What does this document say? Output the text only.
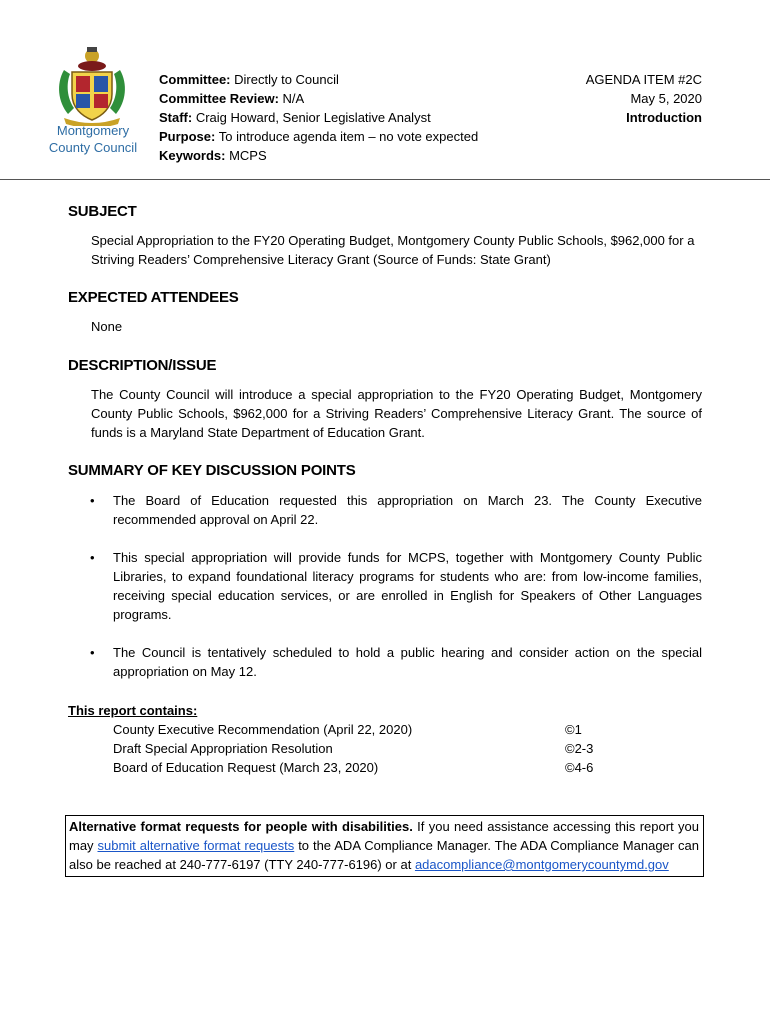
Montgomery
County Council
Committee: Directly to Council
Committee Review: N/A
Staff: Craig Howard, Senior Legislative Analyst
Purpose: To introduce agenda item – no vote expected
Keywords: MCPS
AGENDA ITEM #2C
May 5, 2020
Introduction
SUBJECT
Special Appropriation to the FY20 Operating Budget, Montgomery County Public Schools, $962,000 for a Striving Readers’ Comprehensive Literacy Grant (Source of Funds: State Grant)
EXPECTED ATTENDEES
None
DESCRIPTION/ISSUE
The County Council will introduce a special appropriation to the FY20 Operating Budget, Montgomery County Public Schools, $962,000 for a Striving Readers’ Comprehensive Literacy Grant. The source of funds is a Maryland State Department of Education Grant.
SUMMARY OF KEY DISCUSSION POINTS
• The Board of Education requested this appropriation on March 23. The County Executive recommended approval on April 22.
• This special appropriation will provide funds for MCPS, together with Montgomery County Public Libraries, to expand foundational literacy programs for students who are: from low-income families, receiving special education services, or are enrolled in English for Speakers of Other Languages programs.
• The Council is tentatively scheduled to hold a public hearing and consider action on the special appropriation on May 12.
This report contains:
County Executive Recommendation (April 22, 2020)	©1
Draft Special Appropriation Resolution	©2-3
Board of Education Request (March 23, 2020)	©4-6
Alternative format requests for people with disabilities. If you need assistance accessing this report you may submit alternative format requests to the ADA Compliance Manager. The ADA Compliance Manager can also be reached at 240-777-6197 (TTY 240-777-6196) or at adacompliance@montgomerycountymd.gov
